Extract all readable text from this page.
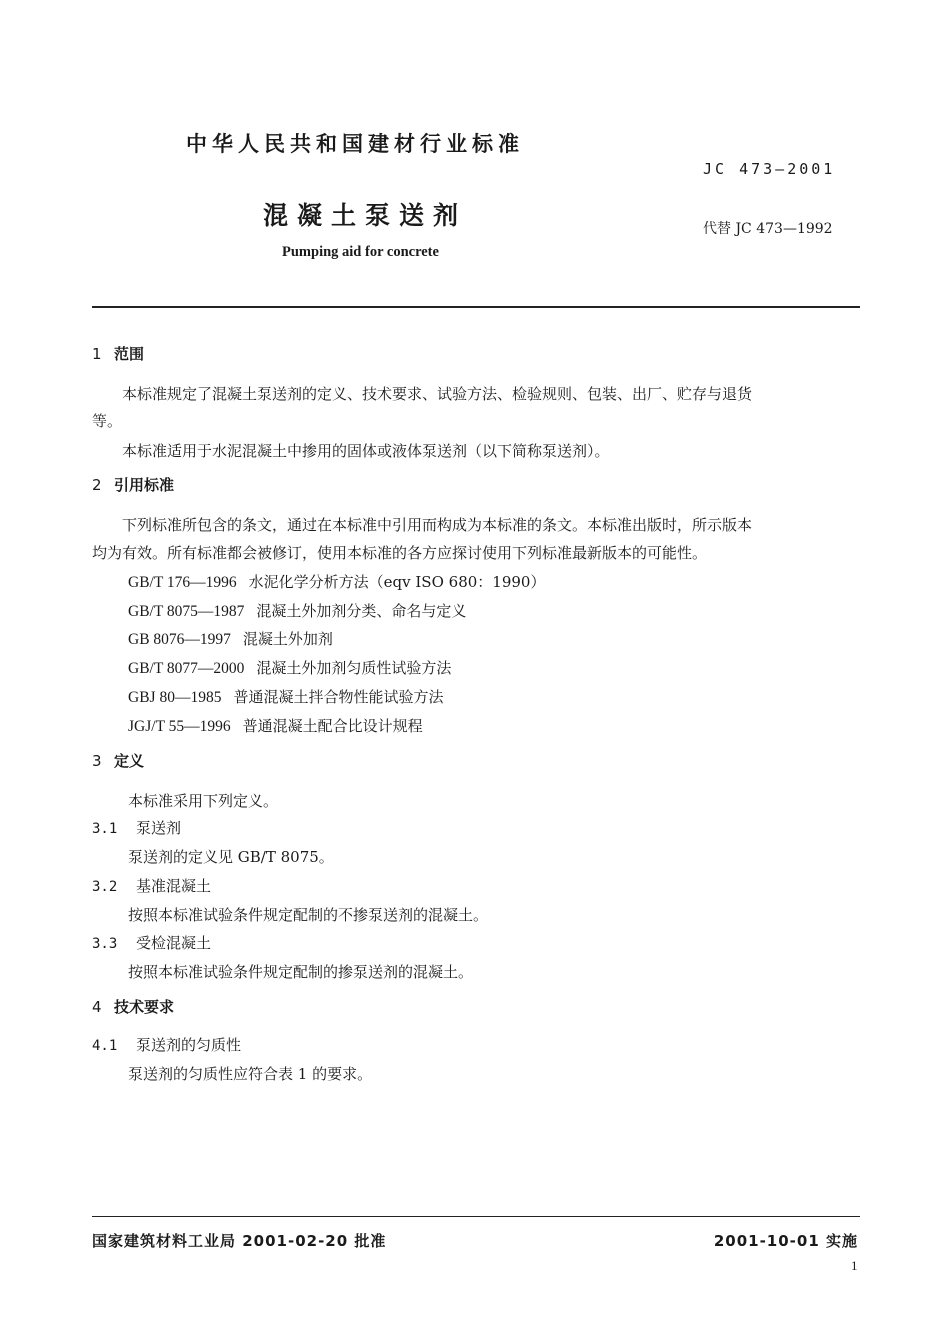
中华人民共和国建材行业标准
JC 473—2001
混凝土泵送剂	代替 JC 473—1992
Pumping aid for concrete
1 范围
本标准规定了混凝土泵送剂的定义、技术要求、试验方法、检验规则、包装、出厂、贮存与退货
等。
本标准适用于水泥混凝土中掺用的固体或液体泵送剂（以下简称泵送剂）。
2 引用标准
下列标准所包含的条文，通过在本标准中引用而构成为本标准的条文。本标准出版时，所示版本
均为有效。所有标准都会被修订，使用本标准的各方应探讨使用下列标准最新版本的可能性。
GB/T 176—1996 水泥化学分析方法（eqv ISO 680：1990）
GB/T 8075—1987 混凝土外加剂分类、命名与定义
GB 8076—1997 混凝土外加剂
GB/T 8077—2000 混凝土外加剂匀质性试验方法
GBJ 80—1985 普通混凝土拌合物性能试验方法
JGJ/T 55—1996 普通混凝土配合比设计规程
3 定义
本标准采用下列定义。
3.1 泵送剂
泵送剂的定义见 GB/T 8075。
3.2 基准混凝土
按照本标准试验条件规定配制的不掺泵送剂的混凝土。
3.3 受检混凝土
按照本标准试验条件规定配制的掺泵送剂的混凝土。
4 技术要求
4.1 泵送剂的匀质性
泵送剂的匀质性应符合表 1 的要求。
国家建筑材料工业局 2001-02-20 批准	2001-10-01 实施
1
